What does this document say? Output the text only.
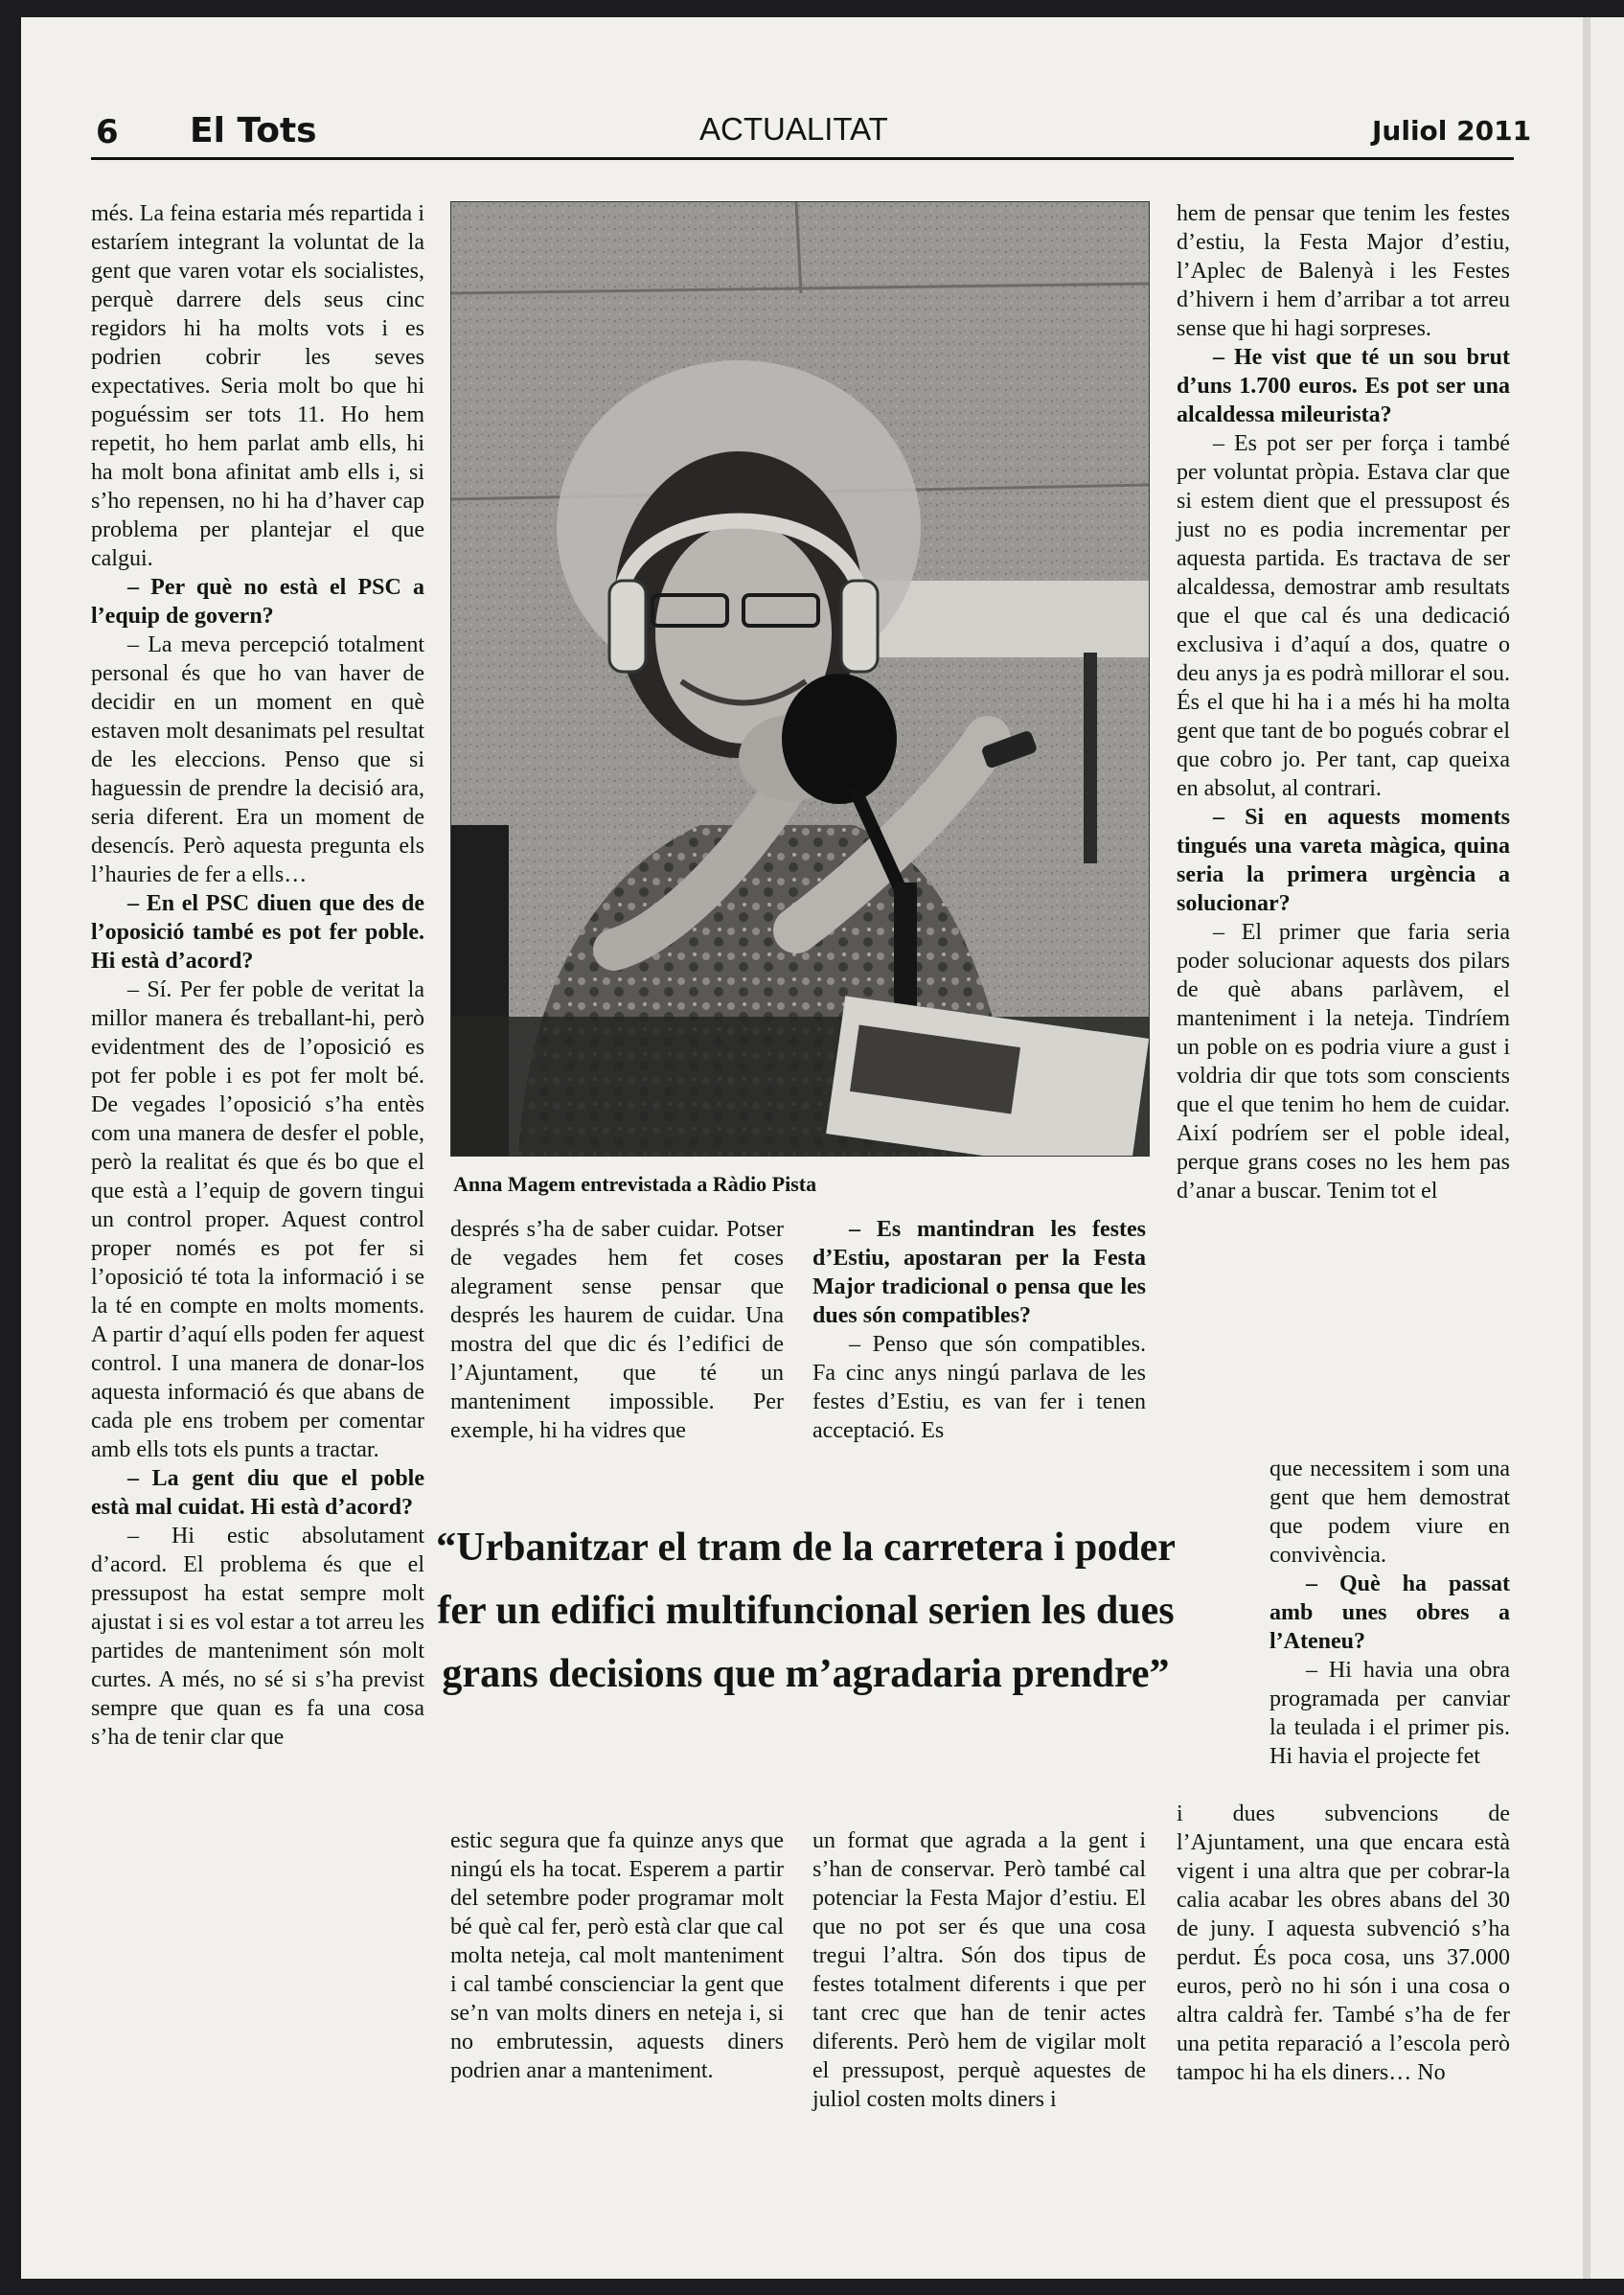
6 El Tots	ACTUALITAT	Juliol 2011

més. La feina estaria més repartida i estaríem integrant la voluntat de la gent que varen votar els socialistes, perquè darrere dels seus cinc regidors hi ha molts vots i es podrien cobrir les seves expectatives. Seria molt bo que hi poguéssim ser tots 11. Ho hem repetit, ho hem parlat amb ells, hi ha molt bona afinitat amb ells i, si s’ho repensen, no hi ha d’haver cap problema per plantejar el que calgui.

– Per què no està el PSC a l’equip de govern?

– La meva percepció totalment personal és que ho van haver de decidir en un moment en què estaven molt desanimats pel resultat de les eleccions. Penso que si haguessin de prendre la decisió ara, seria diferent. Era un moment de desencís. Però aquesta pregunta els l’hauries de fer a ells…

– En el PSC diuen que des de l’oposició també es pot fer poble. Hi està d’acord?

– Sí. Per fer poble de veritat la millor manera és treballant-hi, però evidentment des de l’oposició es pot fer poble i es pot fer molt bé. De vegades l’oposició s’ha entès com una manera de desfer el poble, però la realitat és que és bo que el que està a l’equip de govern tingui un control proper. Aquest control proper només es pot fer si l’oposició té tota la informació i se la té en compte en molts moments. A partir d’aquí ells poden fer aquest control. I una manera de donar-los aquesta informació és que abans de cada ple ens trobem per comentar amb ells tots els punts a tractar.

– La gent diu que el poble està mal cuidat. Hi està d’acord?

– Hi estic absolutament d’acord. El problema és que el pressupost ha estat sempre molt ajustat i si es vol estar a tot arreu les partides de manteniment són molt curtes. A més, no sé si s’ha previst sempre que quan es fa una cosa s’ha de tenir clar que

Anna Magem entrevistada a Ràdio Pista

després s’ha de saber cuidar. Potser de vegades hem fet coses alegrament sense pensar que després les haurem de cuidar. Una mostra del que dic és l’edifici de l’Ajuntament, que té un manteniment impossible. Per exemple, hi ha vidres que

– Es mantindran les festes d’Estiu, apostaran per la Festa Major tradicional o pensa que les dues són compatibles?

– Penso que són compatibles. Fa cinc anys ningú parlava de les festes d’Estiu, es van fer i tenen acceptació. Es

“Urbanitzar el tram de la carretera i poder fer un edifici multifuncional serien les dues grans decisions que m’agradaria prendre”

estic segura que fa quinze anys que ningú els ha tocat. Esperem a partir del setembre poder programar molt bé què cal fer, però està clar que cal molta neteja, cal molt manteniment i cal també conscienciar la gent que se’n van molts diners en neteja i, si no embrutessin, aquests diners podrien anar a manteniment.

un format que agrada a la gent i s’han de conservar. Però també cal potenciar la Festa Major d’estiu. El que no pot ser és que una cosa tregui l’altra. Són dos tipus de festes totalment diferents i que per tant crec que han de tenir actes diferents. Però hem de vigilar molt el pressupost, perquè aquestes de juliol costen molts diners i

hem de pensar que tenim les festes d’estiu, la Festa Major d’estiu, l’Aplec de Balenyà i les Festes d’hivern i hem d’arribar a tot arreu sense que hi hagi sorpreses.

– He vist que té un sou brut d’uns 1.700 euros. Es pot ser una alcaldessa mileurista?

– Es pot ser per força i també per voluntat pròpia. Estava clar que si estem dient que el pressupost és just no es podia incrementar per aquesta partida. Es tractava de ser alcaldessa, demostrar amb resultats que el que cal és una dedicació exclusiva i d’aquí a dos, quatre o deu anys ja es podrà millorar el sou. És el que hi ha i a més hi ha molta gent que tant de bo pogués cobrar el que cobro jo. Per tant, cap queixa en absolut, al contrari.

– Si en aquests moments tingués una vareta màgica, quina seria la primera urgència a solucionar?

– El primer que faria seria poder solucionar aquests dos pilars de què abans parlàvem, el manteniment i la neteja. Tindríem un poble on es podria viure a gust i voldria dir que tots som conscients que el que tenim ho hem de cuidar. Així podríem ser el poble ideal, perque grans coses no les hem pas d’anar a buscar. Tenim tot el

que necessitem i som una gent que hem demostrat que podem viure en convivència.

– Què ha passat amb unes obres a l’Ateneu?

– Hi havia una obra programada per canviar la teulada i el primer pis. Hi havia el projecte fet

i dues subvencions de l’Ajuntament, una que encara està vigent i una altra que per cobrar-la calia acabar les obres abans del 30 de juny. I aquesta subvenció s’ha perdut. És poca cosa, uns 37.000 euros, però no hi són i una cosa o altra caldrà fer. També s’ha de fer una petita reparació a l’escola però tampoc hi ha els diners… No
